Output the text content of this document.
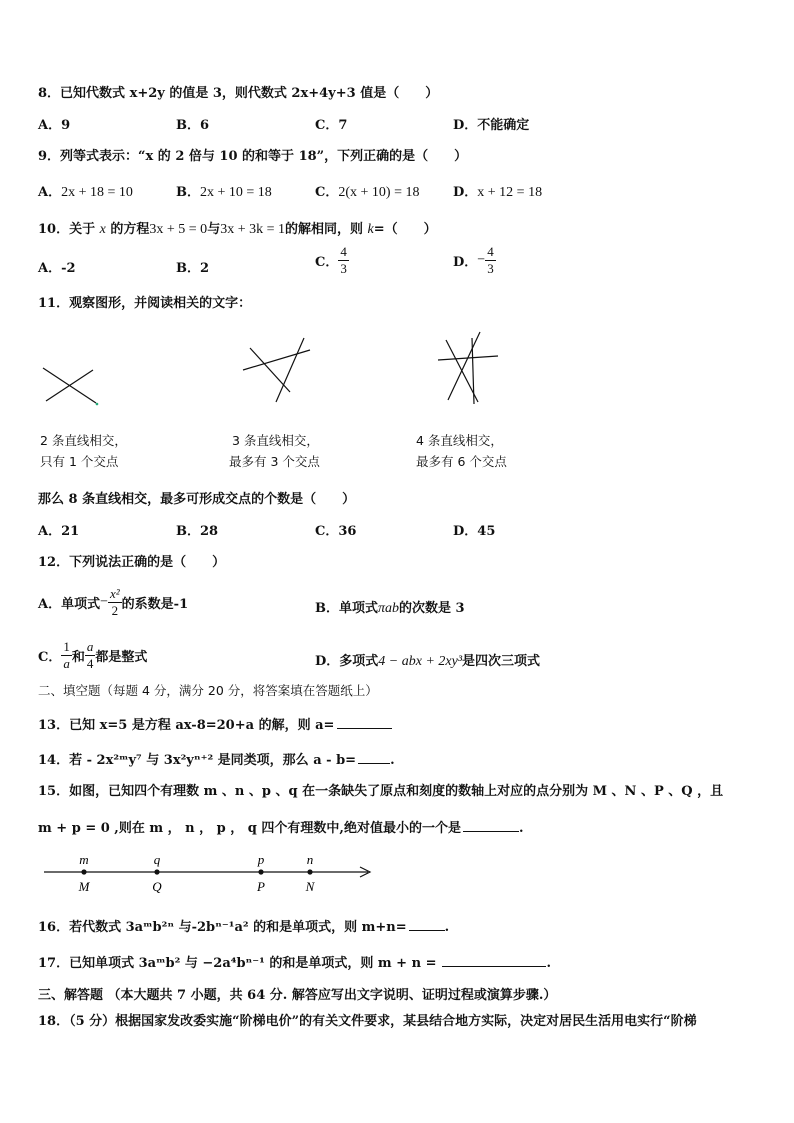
8．已知代数式 x+2y 的值是 3，则代数式 2x+4y+3 值是（　　）
A．9	B．6	C．7	D．不能确定
9．列等式表示：“x 的 2 倍与 10 的和等于 18”，下列正确的是（　　）
A．2x + 18 = 10	B．2x + 10 = 18	C．2(x + 10) = 18	D．x + 12 = 18
10．关于 x 的方程3x + 5 = 0与3x + 3k = 1的解相同，则 k=（　　）
A．-2	B．2	C． $\frac{4}{3}$	D．− $\frac{4}{3}$
11．观察图形，并阅读相关的文字：
2 条直线相交，
只有 1 个交点
3 条直线相交，
最多有 3 个交点
4 条直线相交，
最多有 6 个交点
那么 8 条直线相交，最多可形成交点的个数是（　　）
A．21	B．28	C．36	D．45
12．下列说法正确的是（　　）
A．单项式− $\frac{\text{x²}}{2}$ 的系数是-1	B．单项式πab的次数是 3
C． $\frac{1}{a}$ 和 $\frac{a}{4}$ 都是整式	D．多项式4 − abx + 2xy³是四次三项式
二、填空题（每题 4 分，满分 20 分，将答案填在答题纸上）
13．已知 x=5 是方程 ax-8=20+a 的解，则 a=
14．若 - 2x²ᵐy⁷ 与 3x²yⁿ⁺² 是同类项，那么 a - b=	.
15．如图，已知四个有理数 m 、n 、p 、q 在一条缺失了原点和刻度的数轴上对应的点分别为 M 、N 、P 、Q ，且
m + p = 0 ,则在 m ， n ， p ， q 四个有理数中,绝对值最小的一个是	.
m	q	p	n
M	Q	P	N
16．若代数式 3aᵐb²ⁿ 与-2bⁿ⁻¹a² 的和是单项式，则 m+n=	.
17．已知单项式 3aᵐb² 与 −2a⁴bⁿ⁻¹ 的和是单项式，则 m + n =	.
三、解答题 （本大题共 7 小题，共 64 分. 解答应写出文字说明、证明过程或演算步骤.）
18．（5 分）根据国家发改委实施“阶梯电价”的有关文件要求，某县结合地方实际，决定对居民生活用电实行“阶梯
